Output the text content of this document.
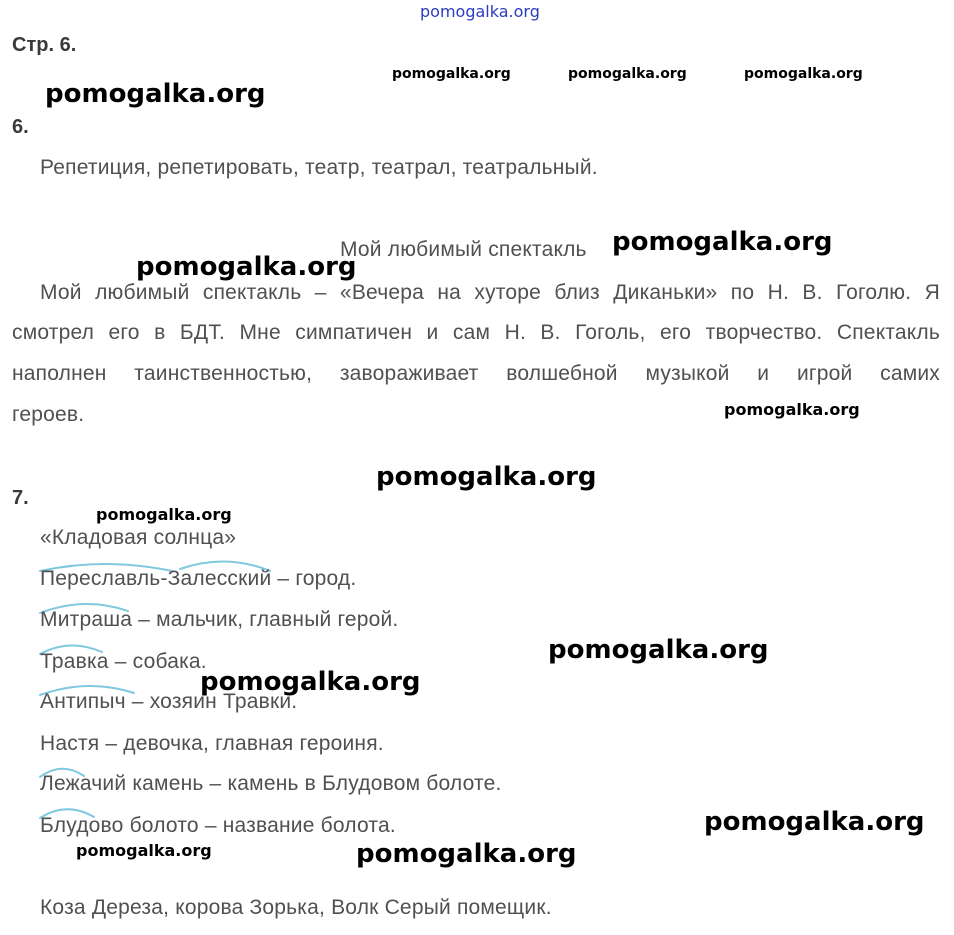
pomogalka.org
Стр. 6.
pomogalka.org	pomogalka.org	pomogalka.org
pomogalka.org
6.
Репетиция, репетировать, театр, театрал, театральный.
Мой любимый спектакль pomogalka.org
pomogalka.org
Мой любимый спектакль – «Вечера на хуторе близ Диканьки» по Н. В. Гоголю. Я
смотрел его в БДТ. Мне симпатичен и сам Н. В. Гоголь, его творчество. Спектакль
наполнен таинственностью, завораживает волшебной музыкой и игрой самих
героев.	pomogalka.org
pomogalka.org
7.
pomogalka.org
«Кладовая солнца»
Переславль-Залесский – город.
Митраша – мальчик, главный герой.
Травка – собака.
Антипыч – хозяин Травки.
Настя – девочка, главная героиня.
Лежачий камень – камень в Блудовом болоте.
Блудово болото – название болота.
pomogalka.org
pomogalka.org
pomogalka.org
pomogalka.org	pomogalka.org
Коза Дереза, корова Зорька, Волк Серый помещик.
